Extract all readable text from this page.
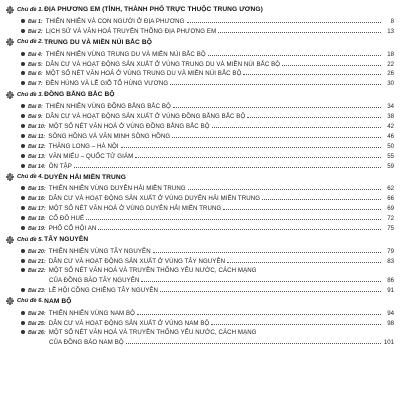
Chủ đề 1. ĐỊA PHƯƠNG EM (TỈNH, THÀNH PHỐ TRỰC THUỘC TRUNG ƯƠNG)
Bài 1: THIÊN NHIÊN VÀ CON NGƯỜI Ở ĐỊA PHƯƠNG	8
Bài 2: LỊCH SỬ VÀ VĂN HOÁ TRUYỀN THỐNG ĐỊA PHƯƠNG EM	13
Chủ đề 2. TRUNG DU VÀ MIỀN NÚI BẮC BỘ
Bài 4: THIÊN NHIÊN VÙNG TRUNG DU VÀ MIỀN NÚI BẮC BỘ	18
Bài 5: DÂN CƯ VÀ HOẠT ĐỘNG SẢN XUẤT Ở VÙNG TRUNG DU VÀ MIỀN NÚI BẮC BỘ	22
Bài 6: MỘT SỐ NÉT VĂN HOÁ Ở VÙNG TRUNG DU VÀ MIỀN NÚI BẮC BỘ	26
Bài 7: ĐỀN HÙNG VÀ LỄ GIỖ TỔ HÙNG VƯƠNG	30
Chủ đề 3. ĐỒNG BẰNG BẮC BỘ
Bài 8: THIÊN NHIÊN VÙNG ĐỒNG BẰNG BẮC BỘ	34
Bài 9: DÂN CƯ VÀ HOẠT ĐỘNG SẢN XUẤT Ở VÙNG ĐỒNG BẰNG BẮC BỘ	38
Bài 10: MỘT SỐ NÉT VĂN HOÁ Ở VÙNG ĐỒNG BẰNG BẮC BỘ	42
Bài 11: SÔNG HỒNG VÀ VĂN MINH SÔNG HỒNG	46
Bài 12: THĂNG LONG – HÀ NỘI	50
Bài 13: VĂN MIẾU – QUỐC TỬ GIÁM	55
Bài 14: ÔN TẬP	59
Chủ đề 4. DUYÊN HẢI MIỀN TRUNG
Bài 15: THIÊN NHIÊN VÙNG DUYÊN HẢI MIỀN TRUNG	62
Bài 16: DÂN CƯ VÀ HOẠT ĐỘNG SẢN XUẤT Ở VÙNG DUYÊN HẢI MIỀN TRUNG	66
Bài 17: MỘT SỐ NÉT VĂN HOÁ Ở VÙNG DUYÊN HẢI MIỀN TRUNG	69
Bài 18: CỐ ĐÔ HUẾ	72
Bài 19: PHỐ CỔ HỘI AN	75
Chủ đề 5. TÂY NGUYÊN
Bài 20: THIÊN NHIÊN VÙNG TÂY NGUYÊN	79
Bài 21: DÂN CƯ VÀ HOẠT ĐỘNG SẢN XUẤT Ở VÙNG TÂY NGUYÊN	83
Bài 22: MỘT SỐ NÉT VĂN HOÁ VÀ TRUYỀN THỐNG YÊU NƯỚC, CÁCH MẠNG
CỦA ĐỒNG BÀO TÂY NGUYÊN	86
Bài 23: LỄ HỘI CỒNG CHIÊNG TÂY NGUYÊN	91
Chủ đề 6. NAM BỘ
Bài 24: THIÊN NHIÊN VÙNG NAM BỘ	94
Bài 25: DÂN CƯ VÀ HOẠT ĐỘNG SẢN XUẤT Ở VÙNG NAM BỘ	98
Bài 26: MỘT SỐ NÉT VĂN HOÁ VÀ TRUYỀN THỐNG YÊU NƯỚC, CÁCH MẠNG
CỦA ĐỒNG BÀO NAM BỘ	101
